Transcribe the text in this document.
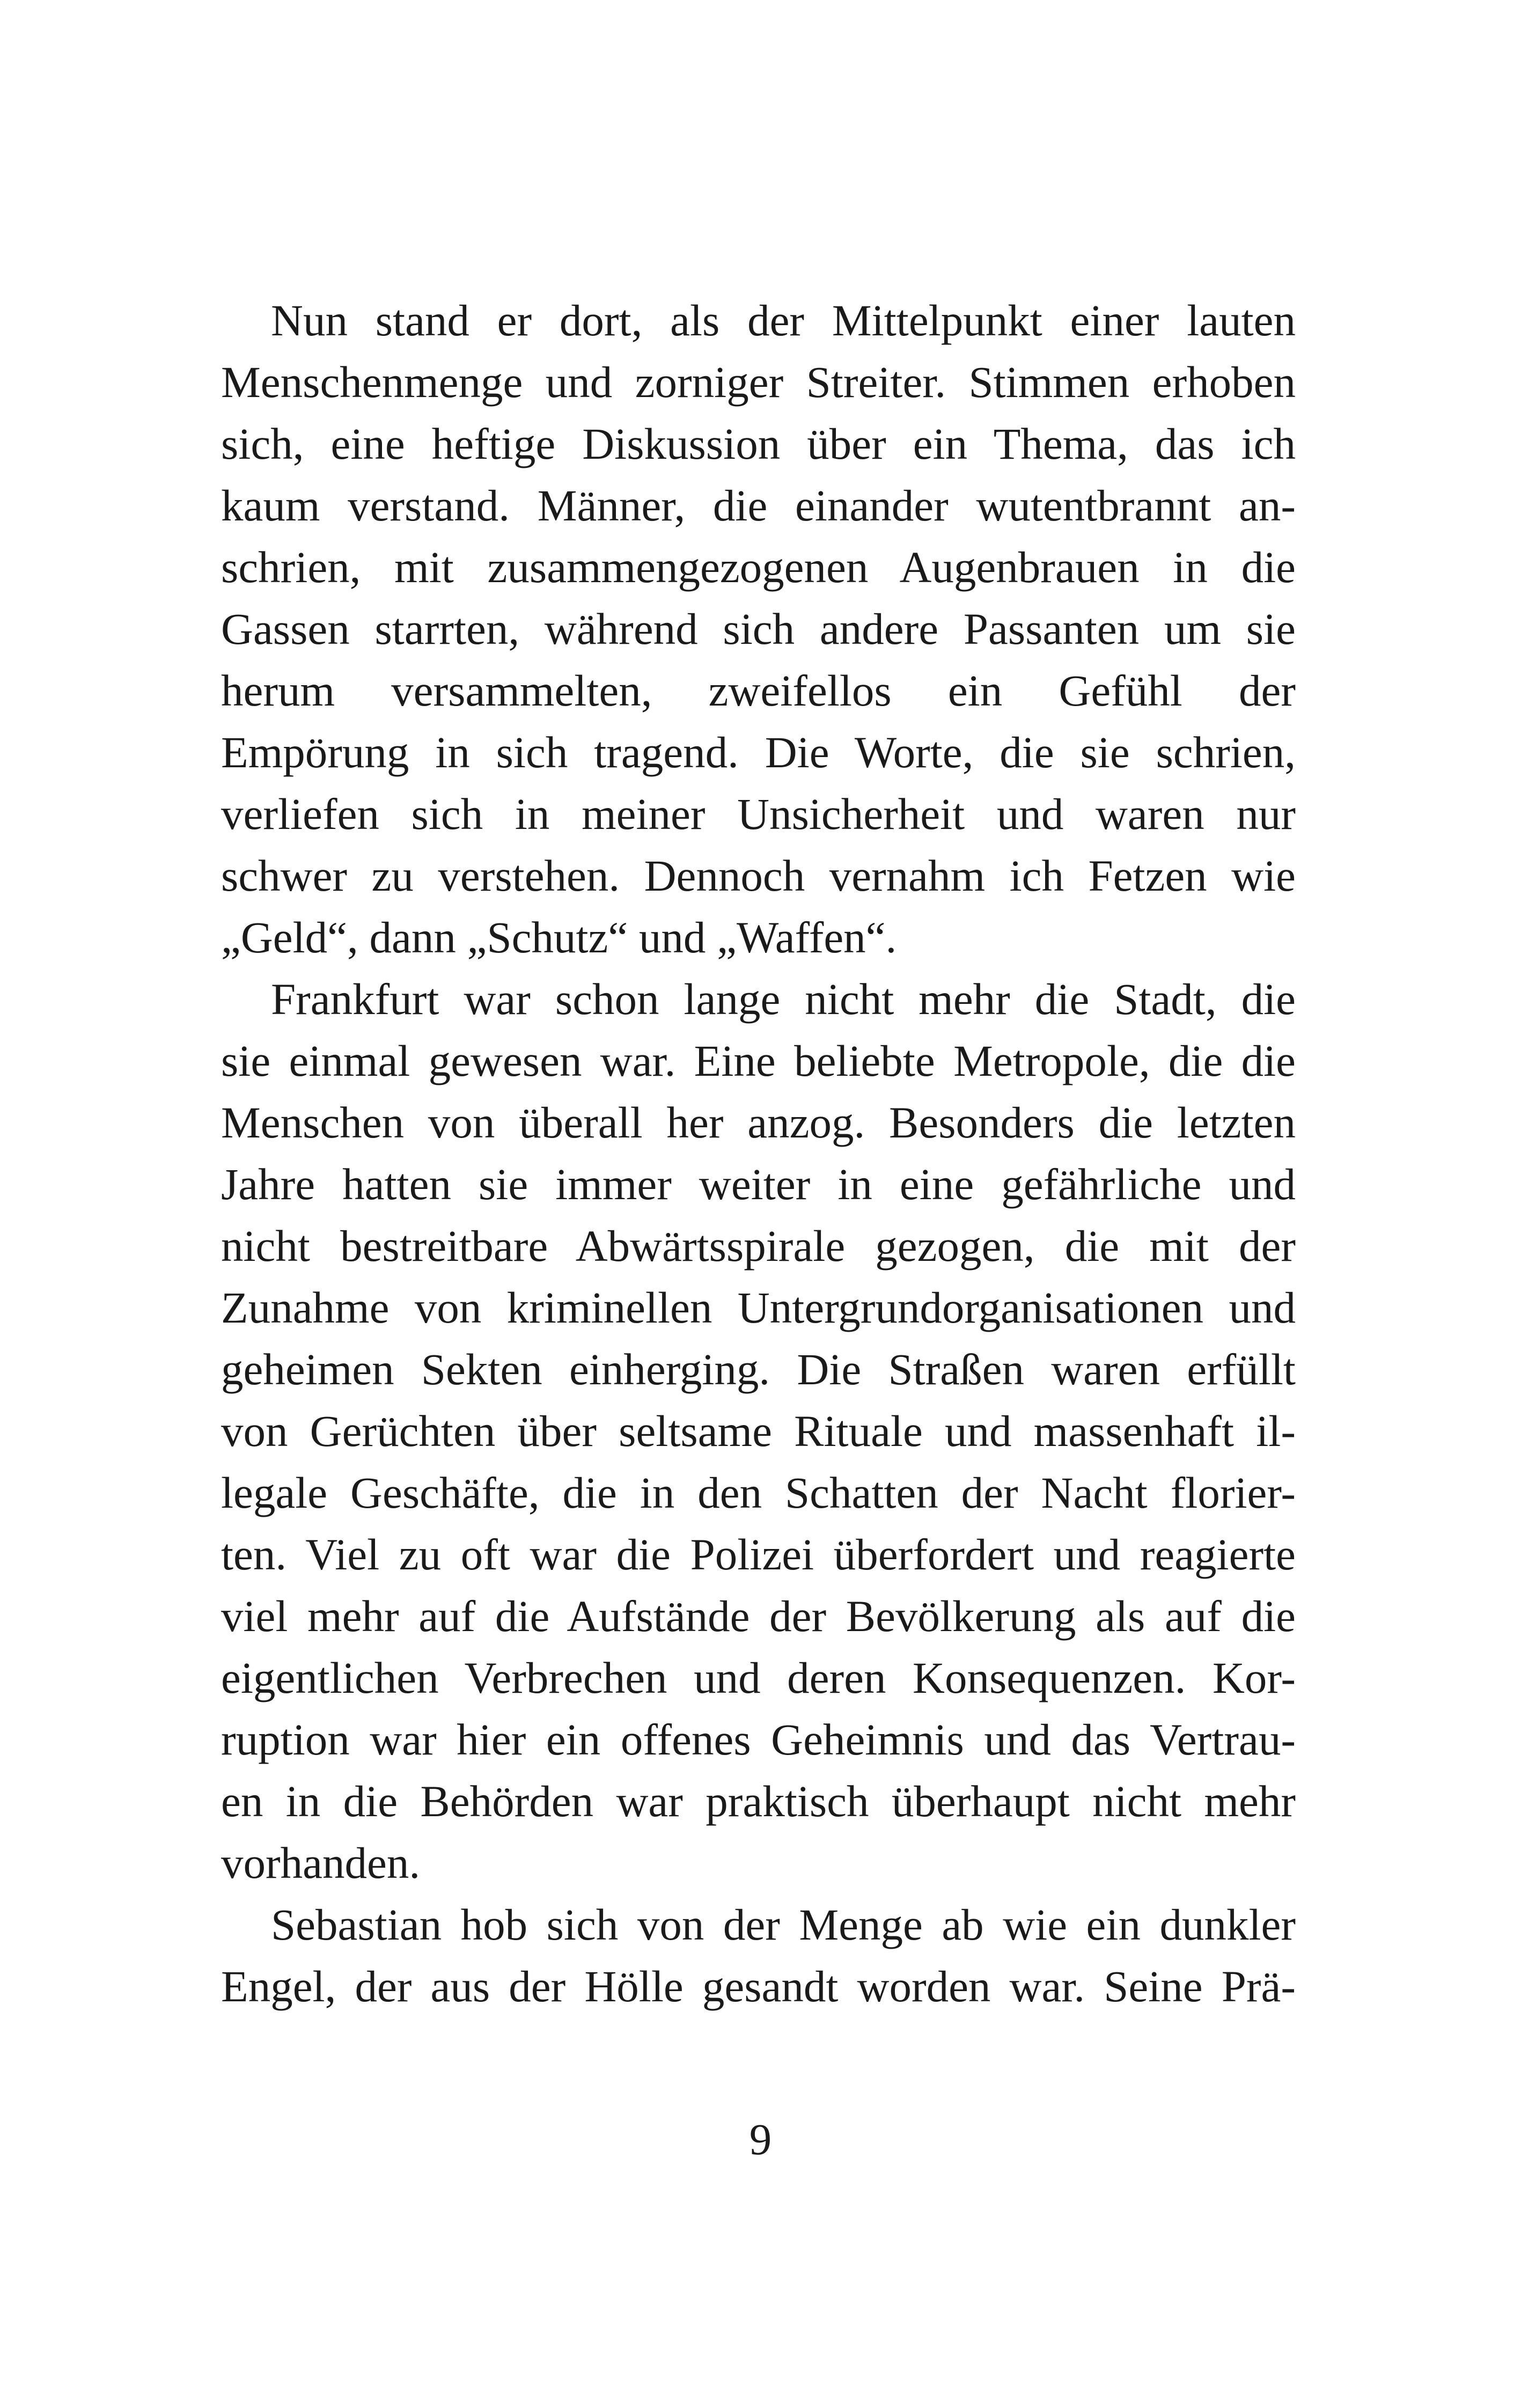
Nun stand er dort, als der Mittelpunkt einer lauten
Menschenmenge und zorniger Streiter. Stimmen erhoben
sich, eine heftige Diskussion über ein Thema, das ich
kaum verstand. Männer, die einander wutentbrannt an-
schrien, mit zusammengezogenen Augenbrauen in die
Gassen starrten, während sich andere Passanten um sie
herum versammelten, zweifellos ein Gefühl der
Empörung in sich tragend. Die Worte, die sie schrien,
verliefen sich in meiner Unsicherheit und waren nur
schwer zu verstehen. Dennoch vernahm ich Fetzen wie
„Geld“, dann „Schutz“ und „Waffen“.
Frankfurt war schon lange nicht mehr die Stadt, die
sie einmal gewesen war. Eine beliebte Metropole, die die
Menschen von überall her anzog. Besonders die letzten
Jahre hatten sie immer weiter in eine gefährliche und
nicht bestreitbare Abwärtsspirale gezogen, die mit der
Zunahme von kriminellen Untergrundorganisationen und
geheimen Sekten einherging. Die Straßen waren erfüllt
von Gerüchten über seltsame Rituale und massenhaft il-
legale Geschäfte, die in den Schatten der Nacht florier-
ten. Viel zu oft war die Polizei überfordert und reagierte
viel mehr auf die Aufstände der Bevölkerung als auf die
eigentlichen Verbrechen und deren Konsequenzen. Kor-
ruption war hier ein offenes Geheimnis und das Vertrau-
en in die Behörden war praktisch überhaupt nicht mehr
vorhanden.
Sebastian hob sich von der Menge ab wie ein dunkler
Engel, der aus der Hölle gesandt worden war. Seine Prä-
9
